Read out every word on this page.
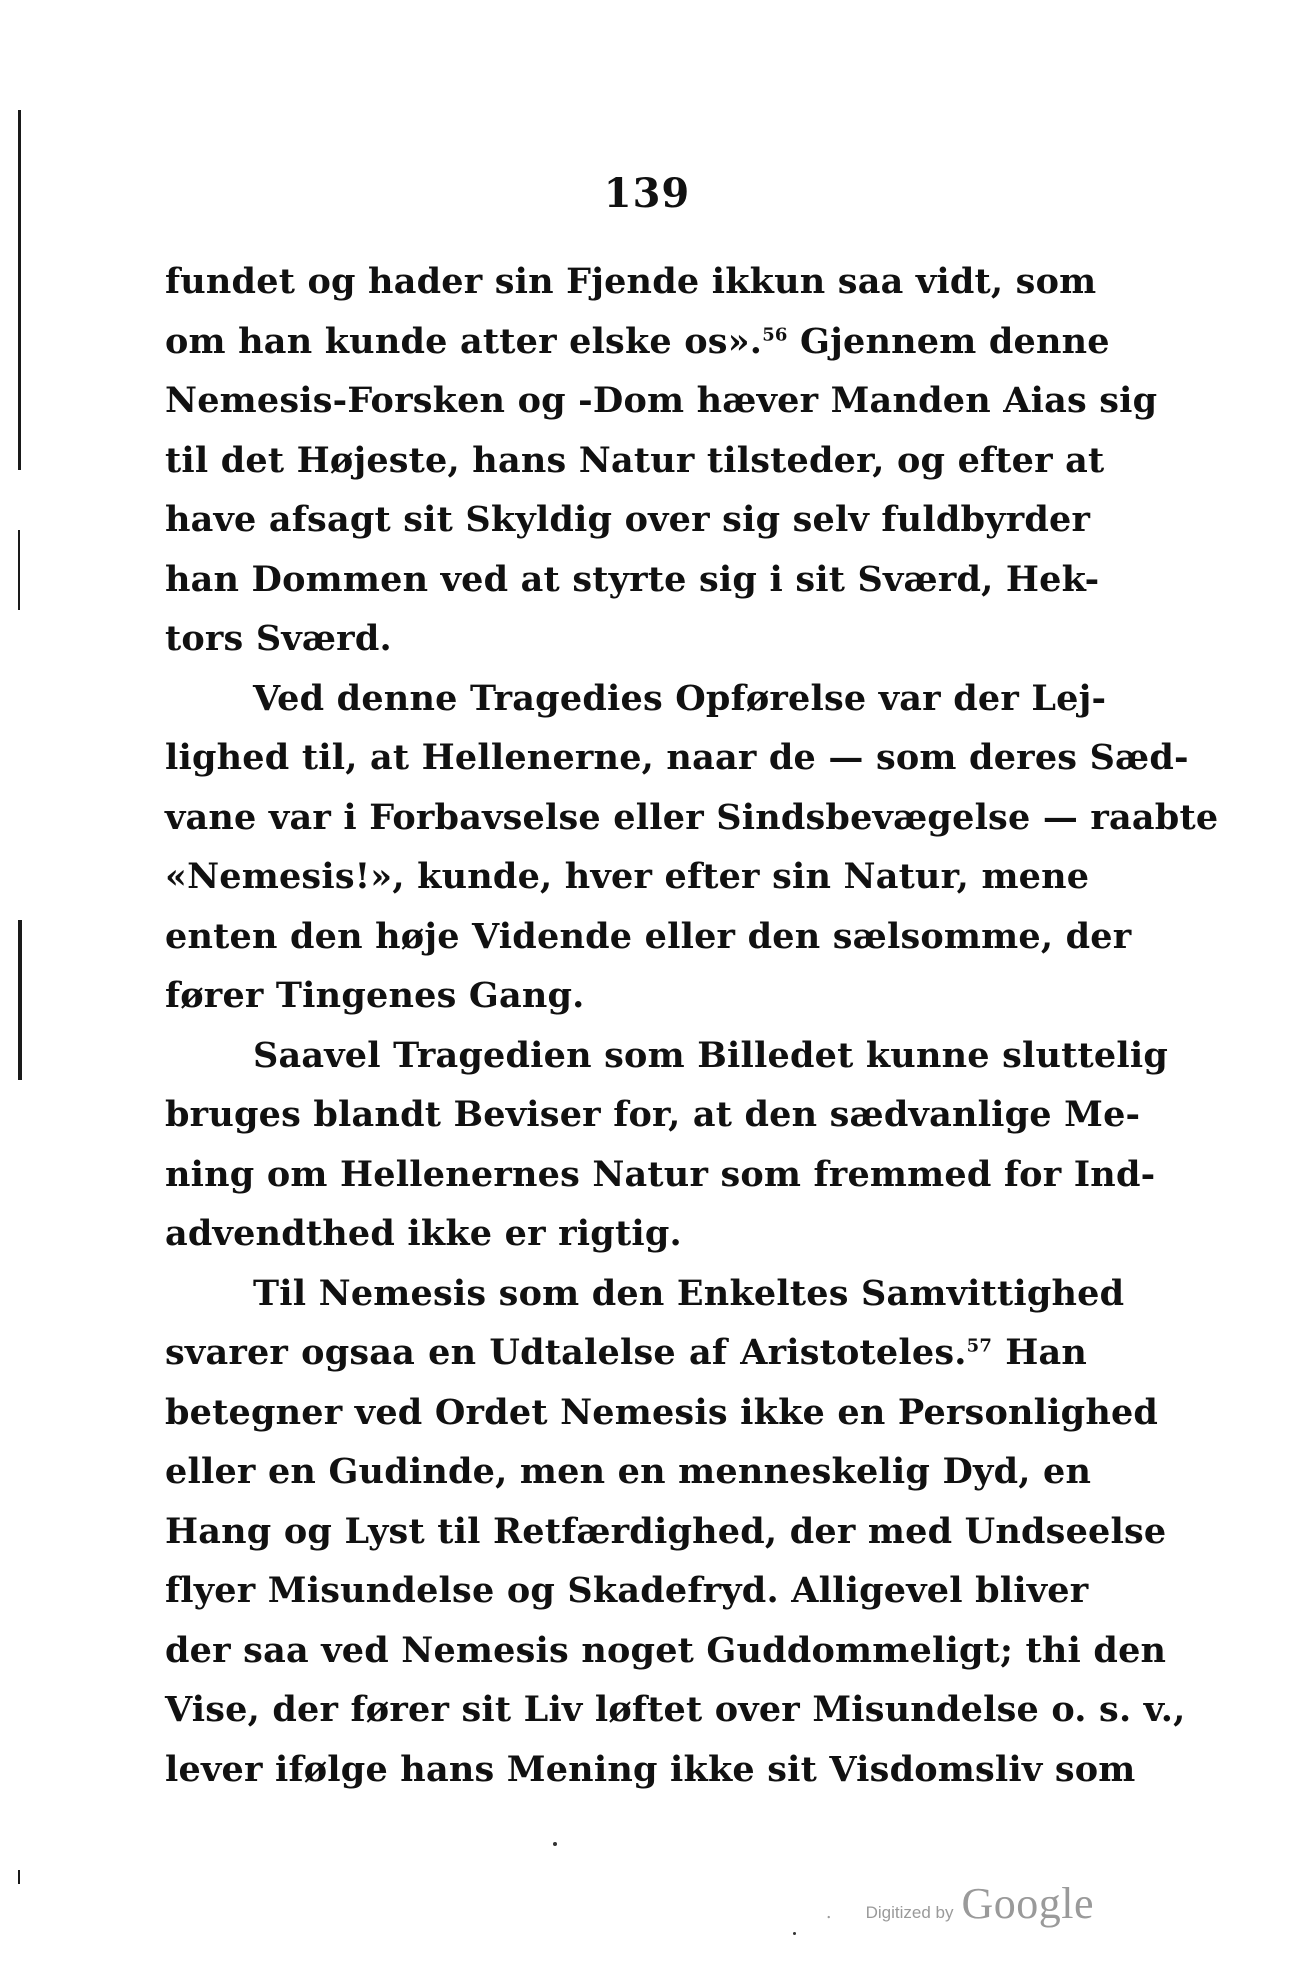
139
fundet og hader sin Fjende ikkun saa vidt, som
om han kunde atter elske os».$^{56}$ Gjennem denne
Nemesis-Forsken og -Dom hæver Manden Aias sig
til det Højeste, hans Natur tilsteder, og efter at
have afsagt sit Skyldig over sig selv fuldbyrder
han Dommen ved at styrte sig i sit Sværd, Hek-
tors Sværd.
Ved denne Tragedies Opførelse var der Lej-
lighed til, at Hellenerne, naar de — som deres Sæd-
vane var i Forbavselse eller Sindsbevægelse — raabte
«Nemesis!», kunde, hver efter sin Natur, mene
enten den høje Vidende eller den sælsomme, der
fører Tingenes Gang.
Saavel Tragedien som Billedet kunne sluttelig
bruges blandt Beviser for, at den sædvanlige Me-
ning om Hellenernes Natur som fremmed for Ind-
advendthed ikke er rigtig.
Til Nemesis som den Enkeltes Samvittighed
svarer ogsaa en Udtalelse af Aristoteles.$^{57}$ Han
betegner ved Ordet Nemesis ikke en Personlighed
eller en Gudinde, men en menneskelig Dyd, en
Hang og Lyst til Retfærdighed, der med Undseelse
flyer Misundelse og Skadefryd. Alligevel bliver
der saa ved Nemesis noget Guddommeligt; thi den
Vise, der fører sit Liv løftet over Misundelse o. s. v.,
lever ifølge hans Mening ikke sit Visdomsliv som
. Digitized by Google
